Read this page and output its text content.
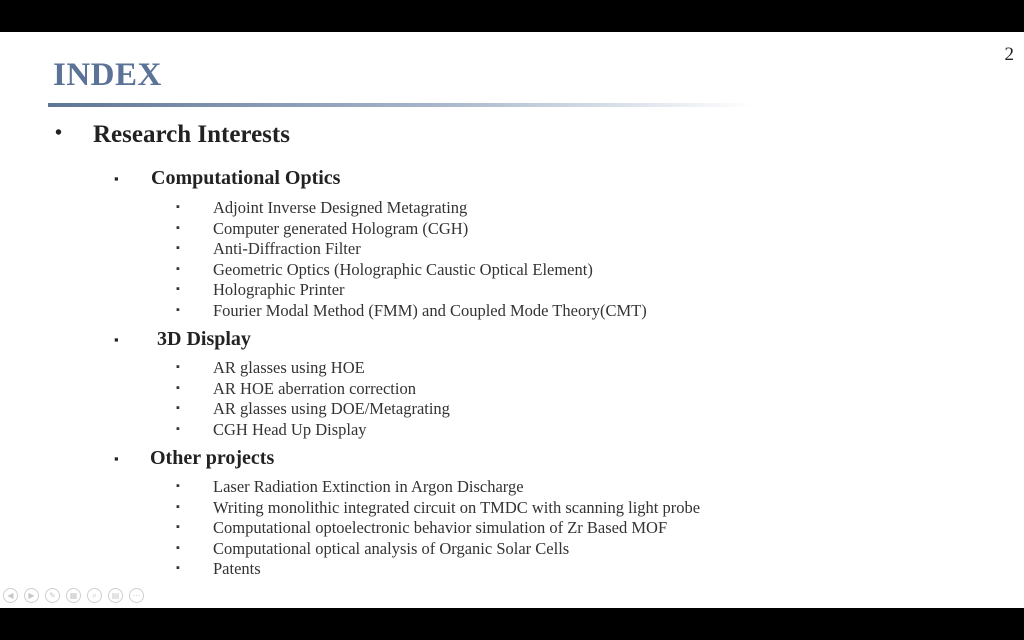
2
INDEX
• Research Interests
▪ Computational Optics
▪ Adjoint Inverse Designed Metagrating
▪ Computer generated Hologram (CGH)
▪ Anti-Diffraction Filter
▪ Geometric Optics (Holographic Caustic Optical Element)
▪ Holographic Printer
▪ Fourier Modal Method (FMM) and Coupled Mode Theory(CMT)
▪ 3D Display
▪ AR glasses using HOE
▪ AR HOE aberration correction
▪ AR glasses using DOE/Metagrating
▪ CGH Head Up Display
▪ Other projects
▪ Laser Radiation Extinction in Argon Discharge
▪ Writing monolithic integrated circuit on TMDC with scanning light probe
▪ Computational optoelectronic behavior simulation of Zr Based MOF
▪ Computational optical analysis of Organic Solar Cells
▪ Patents
◀	▶	✎	▦	⌕	▤	⋯
